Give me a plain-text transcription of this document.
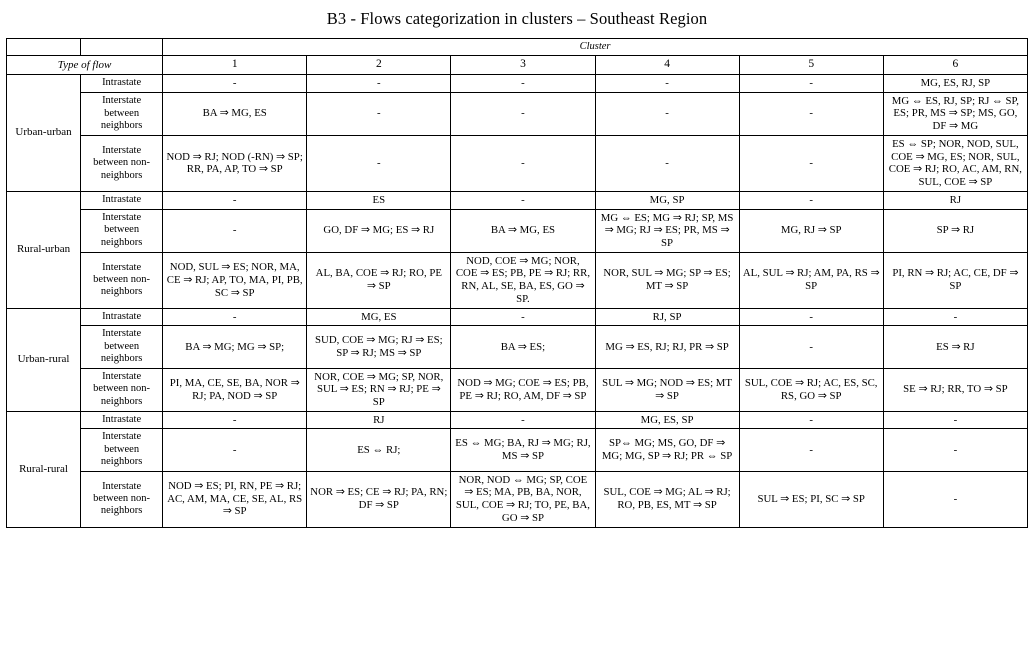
B3 - Flows categorization in clusters – Southeast Region
		Cluster					
Type of flow		1	2	3	4	5	6
Urban-urban	Intrastate	-	-	-	-	-	MG, ES, RJ, SP
	Interstate between neighbors	BA ⇒ MG, ES	-	-	-	-	MG ⇔ ES, RJ, SP; RJ ⇔ SP, ES; PR, MS ⇒ SP; MS, GO, DF ⇒ MG
	Interstate between non-neighbors	NOD ⇒ RJ; NOD (-RN) ⇒ SP; RR, PA, AP, TO ⇒ SP	-	-	-	-	ES ⇔ SP; NOR, NOD, SUL, COE ⇒ MG, ES; NOR, SUL, COE ⇒ RJ; RO, AC, AM, RN, SUL, COE ⇒ SP
Rural-urban	Intrastate	-	ES	-	MG, SP	-	RJ
	Interstate between neighbors	-	GO, DF ⇒ MG; ES ⇒ RJ	BA ⇒ MG, ES	MG ⇔ ES; MG ⇒ RJ; SP, MS ⇒ MG; RJ ⇒ ES; PR, MS ⇒ SP	MG, RJ ⇒ SP	SP ⇒ RJ
	Interstate between non-neighbors	NOD, SUL ⇒ ES; NOR, MA, CE ⇒ RJ; AP, TO, MA, PI, PB, SC ⇒ SP	AL, BA, COE ⇒ RJ; RO, PE ⇒ SP	NOD, COE ⇒ MG; NOR, COE ⇒ ES; PB, PE ⇒ RJ; RR, RN, AL, SE, BA, ES, GO ⇒ SP.	NOR, SUL ⇒ MG; SP ⇒ ES; MT ⇒ SP	AL, SUL ⇒ RJ; AM, PA, RS ⇒ SP	PI, RN ⇒ RJ; AC, CE, DF ⇒ SP
Urban-rural	Intrastate	-	MG, ES	-	RJ, SP	-	-
	Interstate between neighbors	BA ⇒ MG; MG ⇒ SP;	SUD, COE ⇒ MG; RJ ⇒ ES; SP ⇒ RJ; MS ⇒ SP	BA ⇒ ES;	MG ⇒ ES, RJ; RJ, PR ⇒ SP	-	ES ⇒ RJ
	Interstate between non-neighbors	PI, MA, CE, SE, BA, NOR ⇒ RJ; PA, NOD ⇒ SP	NOR, COE ⇒ MG; SP, NOR, SUL ⇒ ES; RN ⇒ RJ; PE ⇒ SP	NOD ⇒ MG; COE ⇒ ES; PB, PE ⇒ RJ; RO, AM, DF ⇒ SP	SUL ⇒ MG; NOD ⇒ ES; MT ⇒ SP	SUL, COE ⇒ RJ; AC, ES, SC, RS, GO ⇒ SP	SE ⇒ RJ; RR, TO ⇒ SP
Rural-rural	Intrastate	-	RJ	-	MG, ES, SP	-	-
	Interstate between neighbors	-	ES ⇔ RJ;	ES ⇔ MG; BA, RJ ⇒ MG; RJ, MS ⇒ SP	SP⇔ MG; MS, GO, DF ⇒ MG; MG, SP ⇒ RJ; PR ⇔ SP	-	-
	Interstate between non-neighbors	NOD ⇒ ES; PI, RN, PE ⇒ RJ; AC, AM, MA, CE, SE, AL, RS ⇒ SP	NOR ⇒ ES; CE ⇒ RJ; PA, RN; DF ⇒ SP	NOR, NOD ⇔ MG; SP, COE ⇒ ES; MA, PB, BA, NOR, SUL, COE ⇒ RJ; TO, PE, BA, GO ⇒ SP	SUL, COE ⇒ MG; AL ⇒ RJ; RO, PB, ES, MT ⇒ SP	SUL ⇒ ES; PI, SC ⇒ SP	-
